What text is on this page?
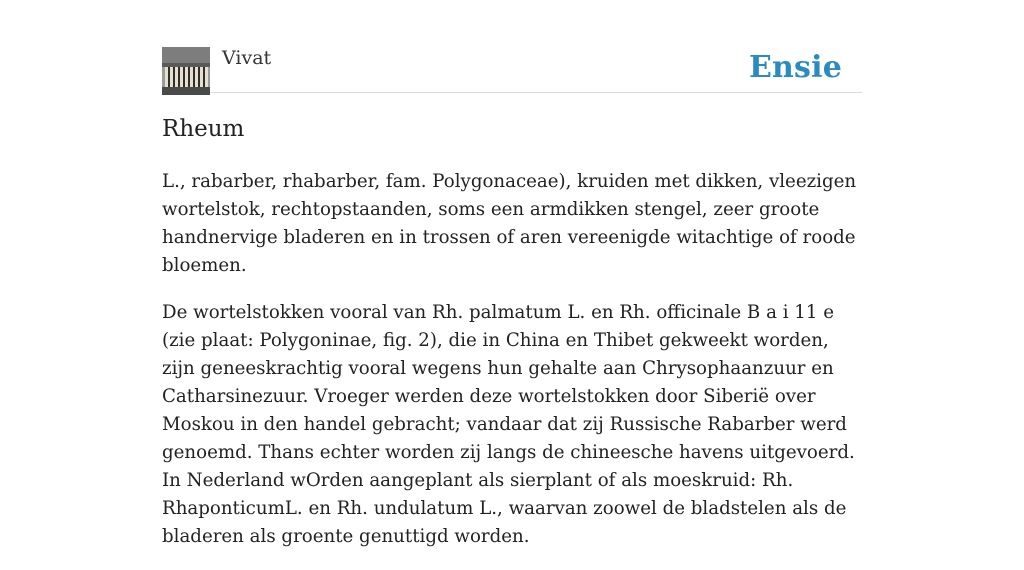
Vivat	Ensie
Rheum

L., rabarber, rhabarber, fam. Polygonaceae), kruiden met dikken, vleezigen wortelstok, rechtopstaanden, soms een armdikken stengel, zeer groote handnervige bladeren en in trossen of aren vereenigde witachtige of roode bloemen.

De wortelstokken vooral van Rh. palmatum L. en Rh. officinale B a i 11 e (zie plaat: Polygoninae, fig. 2), die in China en Thibet gekweekt worden, zijn geneeskrachtig vooral wegens hun gehalte aan Chrysophaanzuur en Catharsinezuur. Vroeger werden deze wortelstokken door Siberië over Moskou in den handel gebracht; vandaar dat zij Russische Rabarber werd genoemd. Thans echter worden zij langs de chineesche havens uitgevoerd. In Nederland wOrden aangeplant als sierplant of als moeskruid: Rh. RhaponticumL. en Rh. undulatum L., waarvan zoowel de bladstelen als de bladeren als groente genuttigd worden.
